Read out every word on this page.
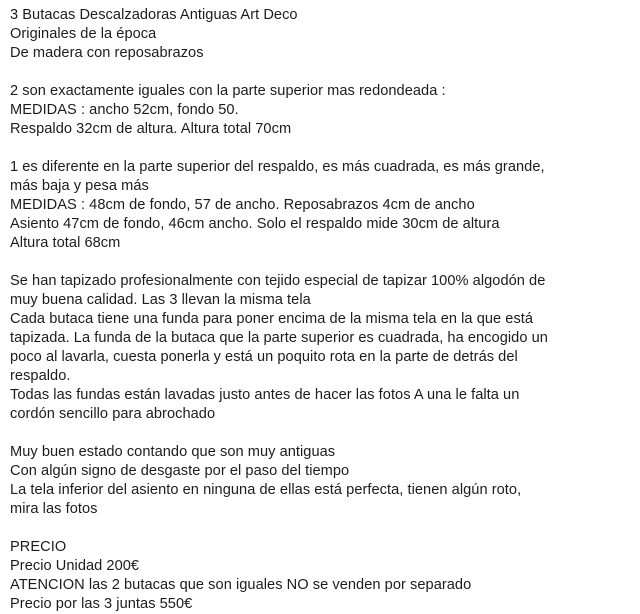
3 Butacas Descalzadoras Antiguas Art Deco
Originales de la época
De madera con reposabrazos
2 son exactamente iguales con la parte superior mas redondeada :
MEDIDAS : ancho 52cm, fondo 50.
Respaldo 32cm de altura. Altura total 70cm
1 es diferente en la parte superior del respaldo, es más cuadrada, es más grande,
más baja y pesa más
MEDIDAS : 48cm de fondo, 57 de ancho. Reposabrazos 4cm de ancho
Asiento 47cm de fondo, 46cm ancho. Solo el respaldo mide 30cm de altura
Altura total 68cm
Se han tapizado profesionalmente con tejido especial de tapizar 100% algodón de
muy buena calidad. Las 3 llevan la misma tela
Cada butaca tiene una funda para poner encima de la misma tela en la que está
tapizada. La funda de la butaca que la parte superior es cuadrada, ha encogido un
poco al lavarla, cuesta ponerla y está un poquito rota en la parte de detrás del
respaldo.
Todas las fundas están lavadas justo antes de hacer las fotos A una le falta un
cordón sencillo para abrochado
Muy buen estado contando que son muy antiguas
Con algún signo de desgaste por el paso del tiempo
La tela inferior del asiento en ninguna de ellas está perfecta, tienen algún roto,
mira las fotos
PRECIO
Precio Unidad 200€
ATENCION las 2 butacas que son iguales NO se venden por separado
Precio por las 3 juntas 550€
